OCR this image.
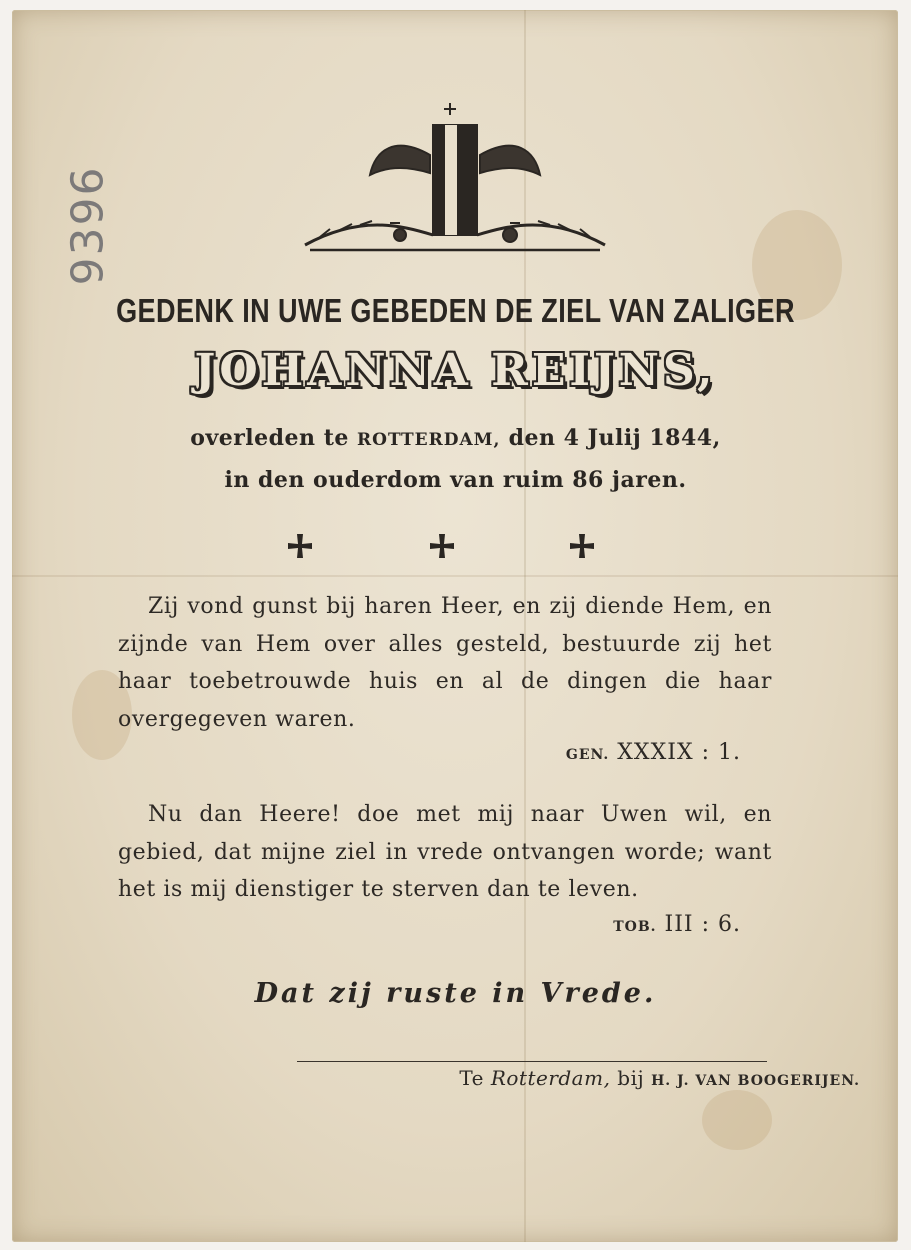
9396
GEDENK IN UWE GEBEDEN DE ZIEL VAN ZALIGER
JOHANNA REIJNS,
overleden te ROTTERDAM, den 4 Julij 1844,
in den ouderdom van ruim 86 jaren.
Zij vond gunst bij haren Heer, en zij diende Hem, en zijnde van Hem over alles gesteld, bestuurde zij het haar toebetrouwde huis en al de dingen die haar overgegeven waren.
GEN. XXXIX : 1.
Nu dan Heere! doe met mij naar Uwen wil, en gebied, dat mijne ziel in vrede ontvangen worde; want het is mij dienstiger te sterven dan te leven.
TOB. III : 6.
Dat zij ruste in Vrede.
Te Rotterdam, bij H. J. VAN BOOGERIJEN.
